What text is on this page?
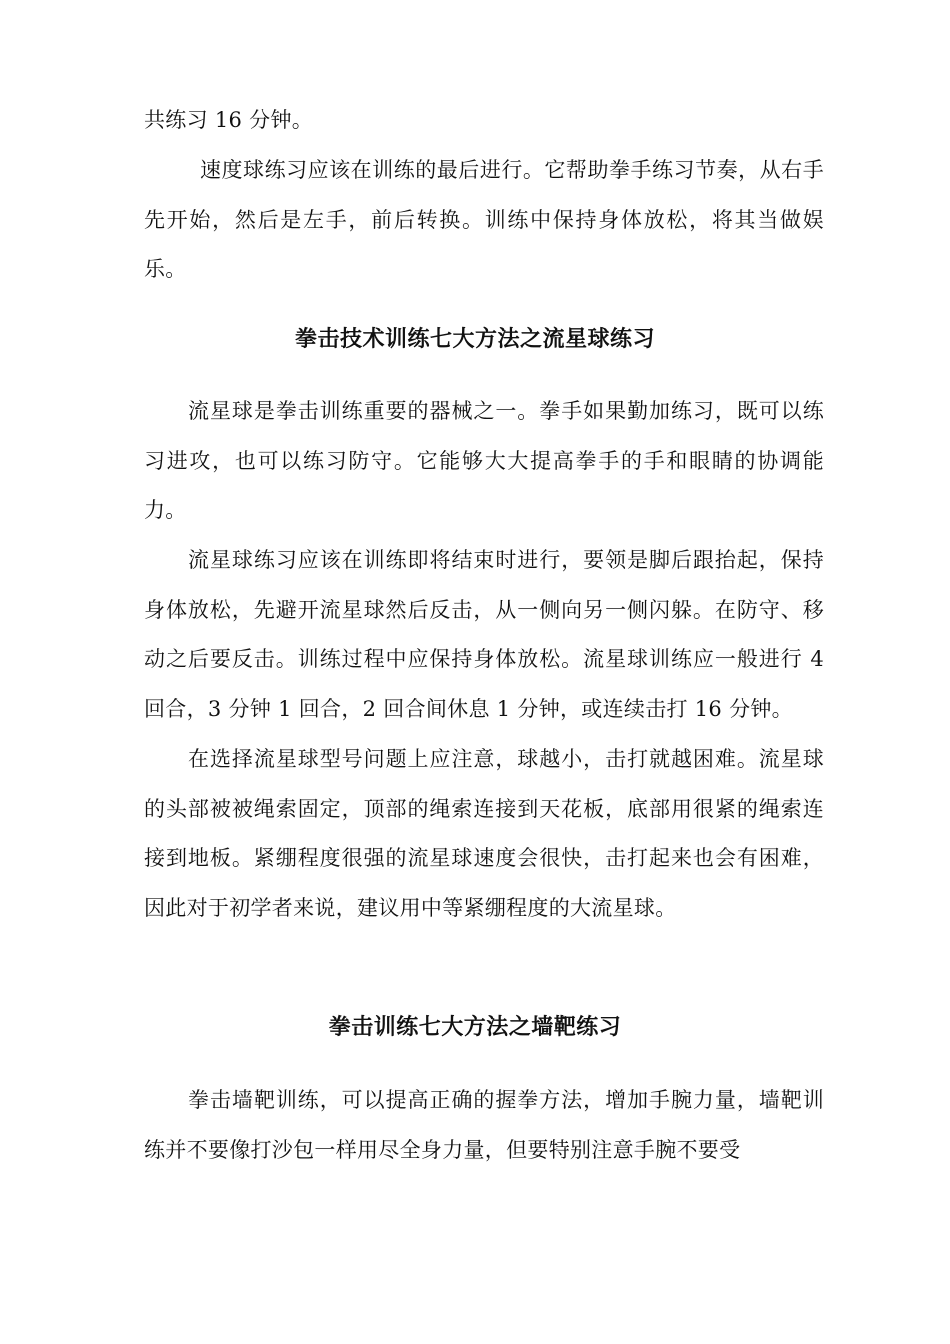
共练习 16 分钟。

速度球练习应该在训练的最后进行。它帮助拳手练习节奏，从右手先开始，然后是左手，前后转换。训练中保持身体放松，将其当做娱乐。

拳击技术训练七大方法之流星球练习

流星球是拳击训练重要的器械之一。拳手如果勤加练习，既可以练习进攻，也可以练习防守。它能够大大提高拳手的手和眼睛的协调能力。

流星球练习应该在训练即将结束时进行，要领是脚后跟抬起，保持身体放松，先避开流星球然后反击，从一侧向另一侧闪躲。在防守、移动之后要反击。训练过程中应保持身体放松。流星球训练应一般进行 4 回合，3 分钟 1 回合，2 回合间休息 1 分钟，或连续击打 16 分钟。

在选择流星球型号问题上应注意，球越小，击打就越困难。流星球的头部被被绳索固定，顶部的绳索连接到天花板，底部用很紧的绳索连接到地板。紧绷程度很强的流星球速度会很快，击打起来也会有困难，因此对于初学者来说，建议用中等紧绷程度的大流星球。

拳击训练七大方法之墙靶练习

拳击墙靶训练，可以提高正确的握拳方法，增加手腕力量，墙靶训练并不要像打沙包一样用尽全身力量，但要特别注意手腕不要受
